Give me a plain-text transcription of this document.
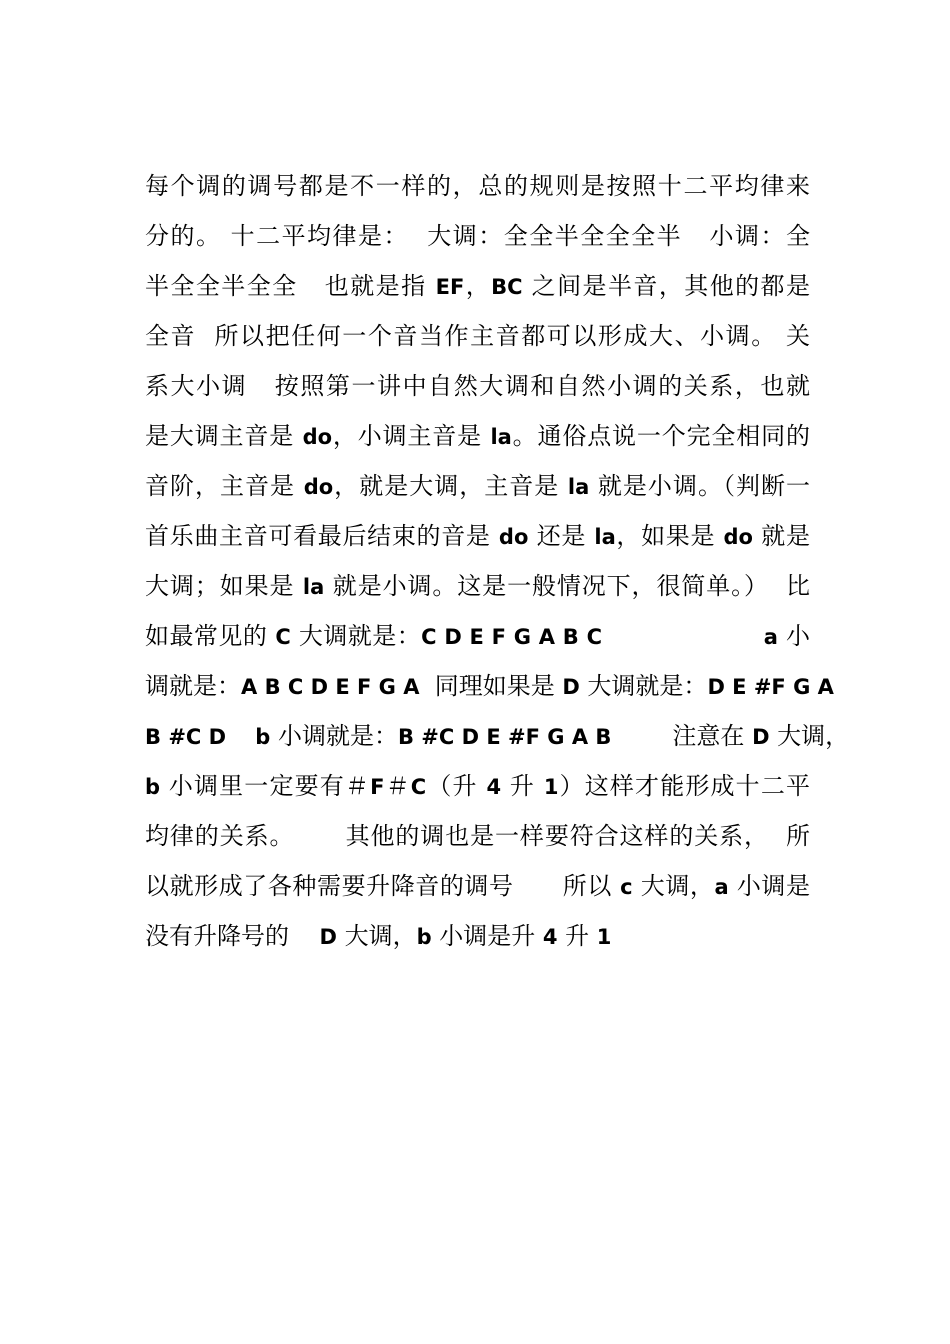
每个调的调号都是不一样的，总的规则是按照十二平均律来
分的。 十二平均律是：  大调：全全半全全全半   小调：全
半全全半全全   也就是指 EF，BC 之间是半音，其他的都是
全音  所以把任何一个音当作主音都可以形成大、小调。 关
系大小调   按照第一讲中自然大调和自然小调的关系，也就
是大调主音是 do，小调主音是 la。通俗点说一个完全相同的
音阶，主音是 do，就是大调，主音是 la 就是小调。（判断一
首乐曲主音可看最后结束的音是 do 还是 la，如果是 do 就是
大调；如果是 la 就是小调。这是一般情况下，很简单。）  比
如最常见的 C 大调就是：C D E F G A B C	a 小
调就是：A B C D E F G A  同理如果是 D 大调就是：D E #F G A
B #C D    b 小调就是：B #C D E #F G A B        注意在 D 大调，
b 小调里一定要有＃F＃C（升 4 升 1）这样才能形成十二平
均律的关系。      其他的调也是一样要符合这样的关系，  所
以就形成了各种需要升降音的调号      所以 c 大调，a 小调是
没有升降号的    D 大调，b 小调是升 4 升 1
